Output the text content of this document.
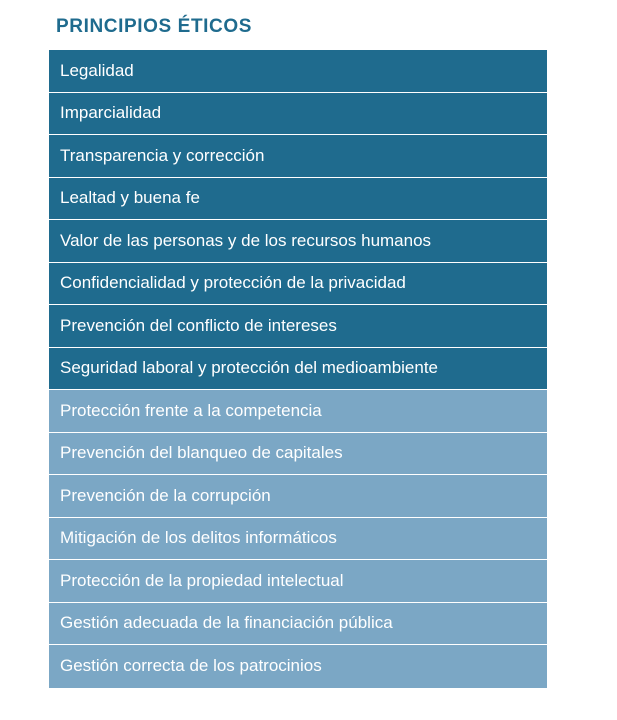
PRINCIPIOS ÉTICOS
Legalidad
Imparcialidad
Transparencia y corrección
Lealtad y buena fe
Valor de las personas y de los recursos humanos
Confidencialidad y protección de la privacidad
Prevención del conflicto de intereses
Seguridad laboral y protección del medioambiente
Protección frente a la competencia
Prevención del blanqueo de capitales
Prevención de la corrupción
Mitigación de los delitos informáticos
Protección de la propiedad intelectual
Gestión adecuada de la financiación pública
Gestión correcta de los patrocinios
